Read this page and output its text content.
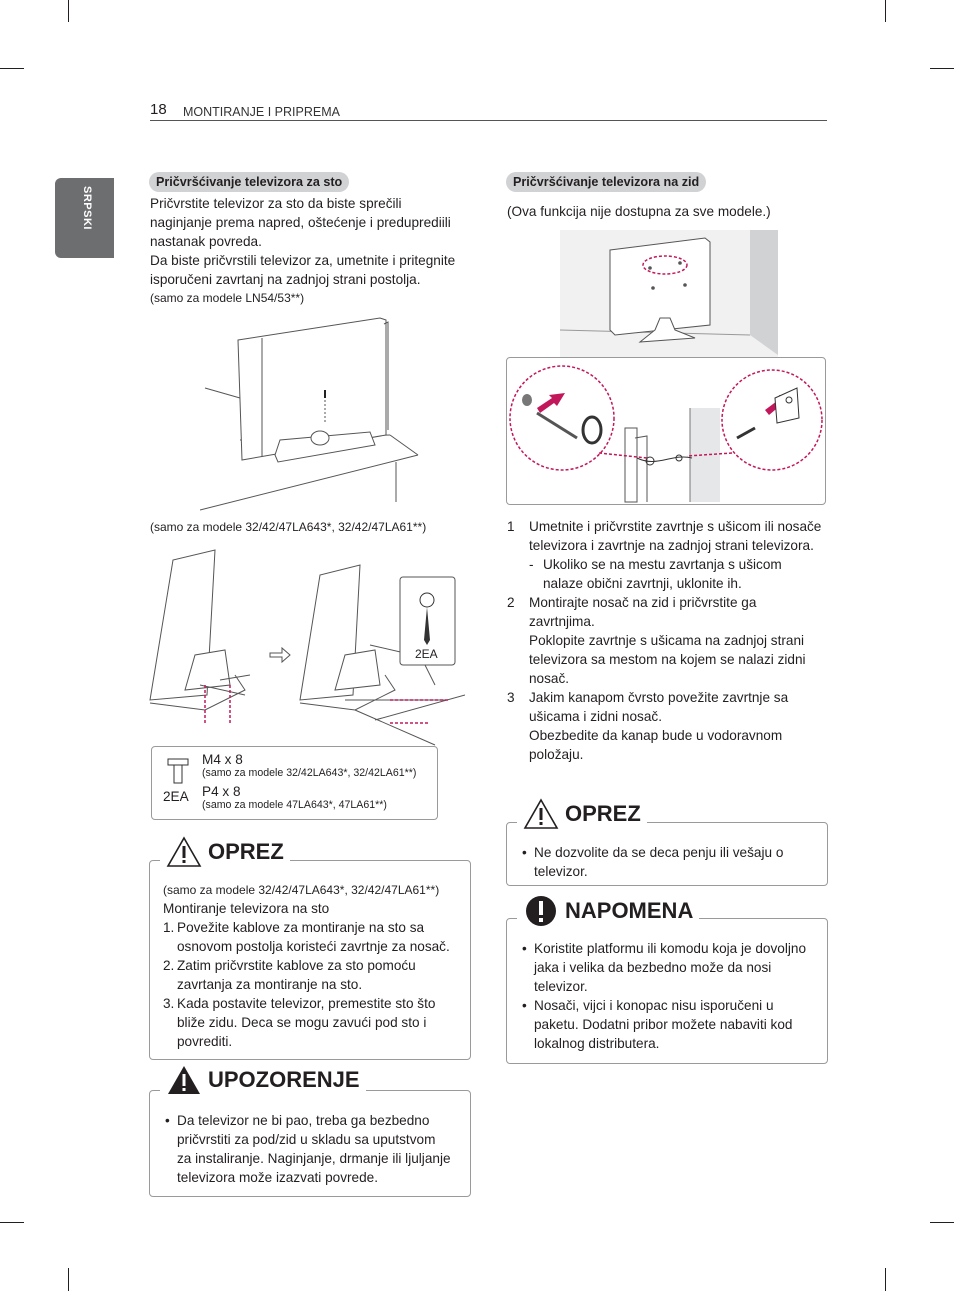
18 MONTIRANJE I PRIPREMA
SRPSKI
Pričvršćivanje televizora za sto

Pričvrstite televizor za sto da biste sprečili

naginjanje prema napred, oštećenje i preduprediili

nastanak povreda.

Da biste pričvrstili televizor za, umetnite i pritegnite

isporučeni zavrtanj na zadnjoj strani postolja.

(samo za modele LN54/53**)

(samo za modele 32/42/47LA643*, 32/42/47LA61**)
2EA
2EA
M4 x 8
(samo za modele 32/42LA643*, 32/42LA61**)
P4 x 8
(samo za modele 47LA643*, 47LA61**)
(samo za modele 32/42/47LA643*, 32/42/47LA61**)
Montiranje televizora na sto
1. Povežite kablove za montiranje na sto sa osnovom postolja koristeći zavrtnje za nosač.
2. Zatim pričvrstite kablove za sto pomoću zavrtanja za montiranje na sto.
3. Kada postavite televizor, premestite sto što bliže zidu. Deca se mogu zavući pod sto i povrediti.
OPREZ
• Da televizor ne bi pao, treba ga bezbedno pričvrstiti za pod/zid u skladu sa uputstvom za instaliranje. Naginjanje, drmanje ili ljuljanje televizora može izazvati povrede.
UPOZORENJE
Pričvršćivanje televizora na zid
(Ova funkcija nije dostupna za sve modele.)
1 Umetnite i pričvrstite zavrtnje s ušicom ili nosače televizora i zavrtnje na zadnjoj strani televizora.
- Ukoliko se na mestu zavrtanja s ušicom nalaze obični zavrtnji, uklonite ih.
2 Montirajte nosač na zid i pričvrstite ga zavrtnjima.
Poklopite zavrtnje s ušicama na zadnjoj strani televizora sa mestom na kojem se nalazi zidni nosač.
3 Jakim kanapom čvrsto povežite zavrtnje sa ušicama i zidni nosač.
Obezbedite da kanap bude u vodoravnom položaju.
• Ne dozvolite da se deca penju ili vešaju o televizor.
OPREZ
• Koristite platformu ili komodu koja je dovoljno jaka i velika da bezbedno može da nosi televizor.
• Nosači, vijci i konopac nisu isporučeni u paketu. Dodatni pribor možete nabaviti kod lokalnog distributera.
NAPOMENA
